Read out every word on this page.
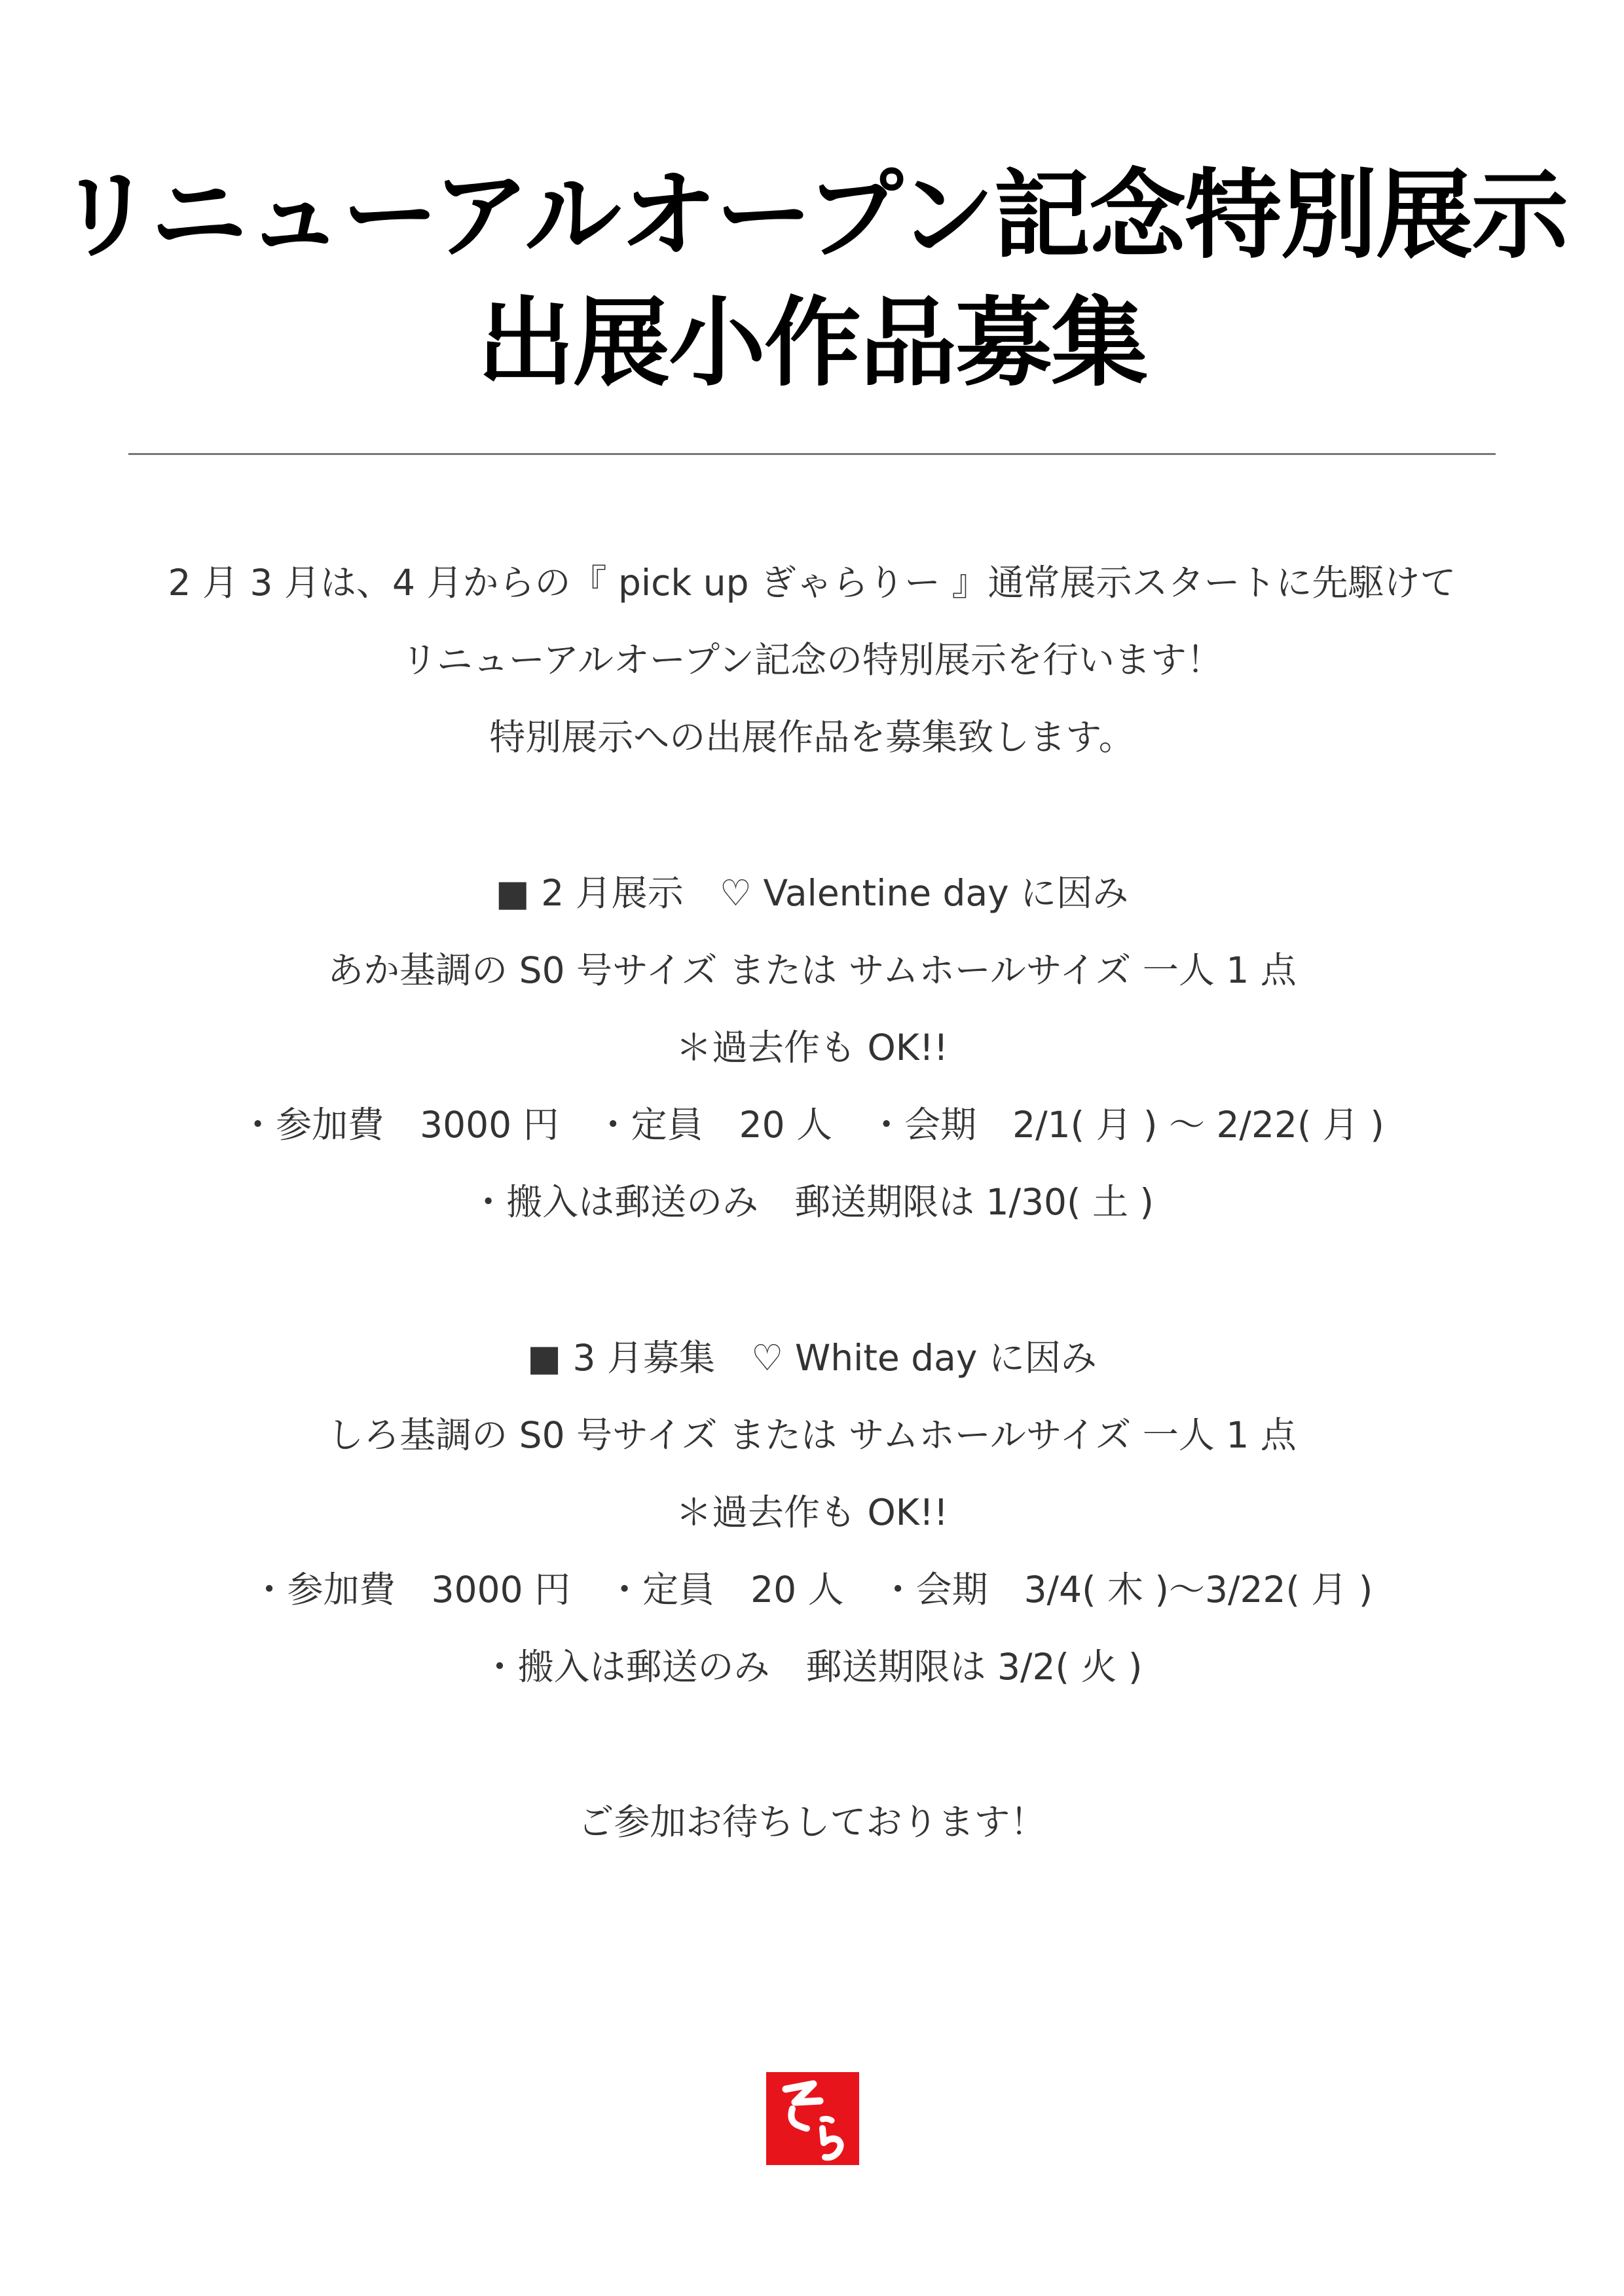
リニューアルオープン記念特別展示
出展小作品募集
2 月 3 月は、4 月からの『 pick up ぎゃらりー 』通常展示スタートに先駆けて
リニューアルオープン記念の特別展示を行います！
特別展示への出展作品を募集致します。
■ 2 月展示　♡ Valentine day に因み
あか基調の S0 号サイズ または サムホールサイズ 一人 1 点
＊過去作も OK!!
・参加費　3000 円　・定員　20 人　・会期　2/1( 月 ) 〜 2/22( 月 )
・搬入は郵送のみ　郵送期限は 1/30( 土 )
■ 3 月募集　♡ White day に因み
しろ基調の S0 号サイズ または サムホールサイズ 一人 1 点
＊過去作も OK!!
・参加費　3000 円　・定員　20 人　・会期　3/4( 木 )〜3/22( 月 )
・搬入は郵送のみ　郵送期限は 3/2( 火 )
ご参加お待ちしております！
